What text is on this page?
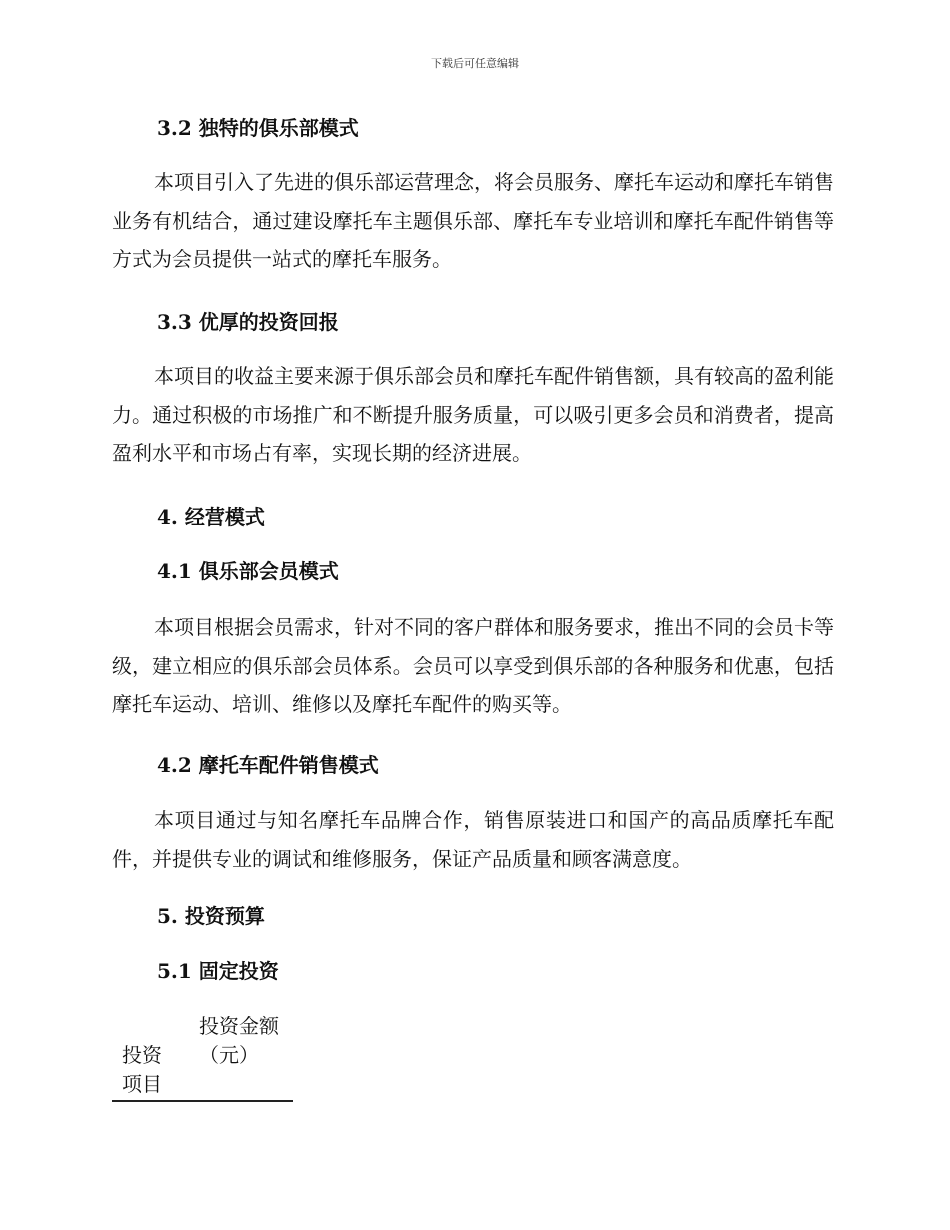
下载后可任意编辑
3.2 独特的俱乐部模式
本项目引入了先进的俱乐部运营理念，将会员服务、摩托车运动和摩托车销售业务有机结合，通过建设摩托车主题俱乐部、摩托车专业培训和摩托车配件销售等方式为会员提供一站式的摩托车服务。
3.3 优厚的投资回报
本项目的收益主要来源于俱乐部会员和摩托车配件销售额，具有较高的盈利能力。通过积极的市场推广和不断提升服务质量，可以吸引更多会员和消费者，提高盈利水平和市场占有率，实现长期的经济进展。
4. 经营模式
4.1 俱乐部会员模式
本项目根据会员需求，针对不同的客户群体和服务要求，推出不同的会员卡等级，建立相应的俱乐部会员体系。会员可以享受到俱乐部的各种服务和优惠，包括摩托车运动、培训、维修以及摩托车配件的购买等。
4.2 摩托车配件销售模式
本项目通过与知名摩托车品牌合作，销售原装进口和国产的高品质摩托车配件，并提供专业的调试和维修服务，保证产品质量和顾客满意度。
5. 投资预算
5.1 固定投资
投资项目
投资金额（元）
